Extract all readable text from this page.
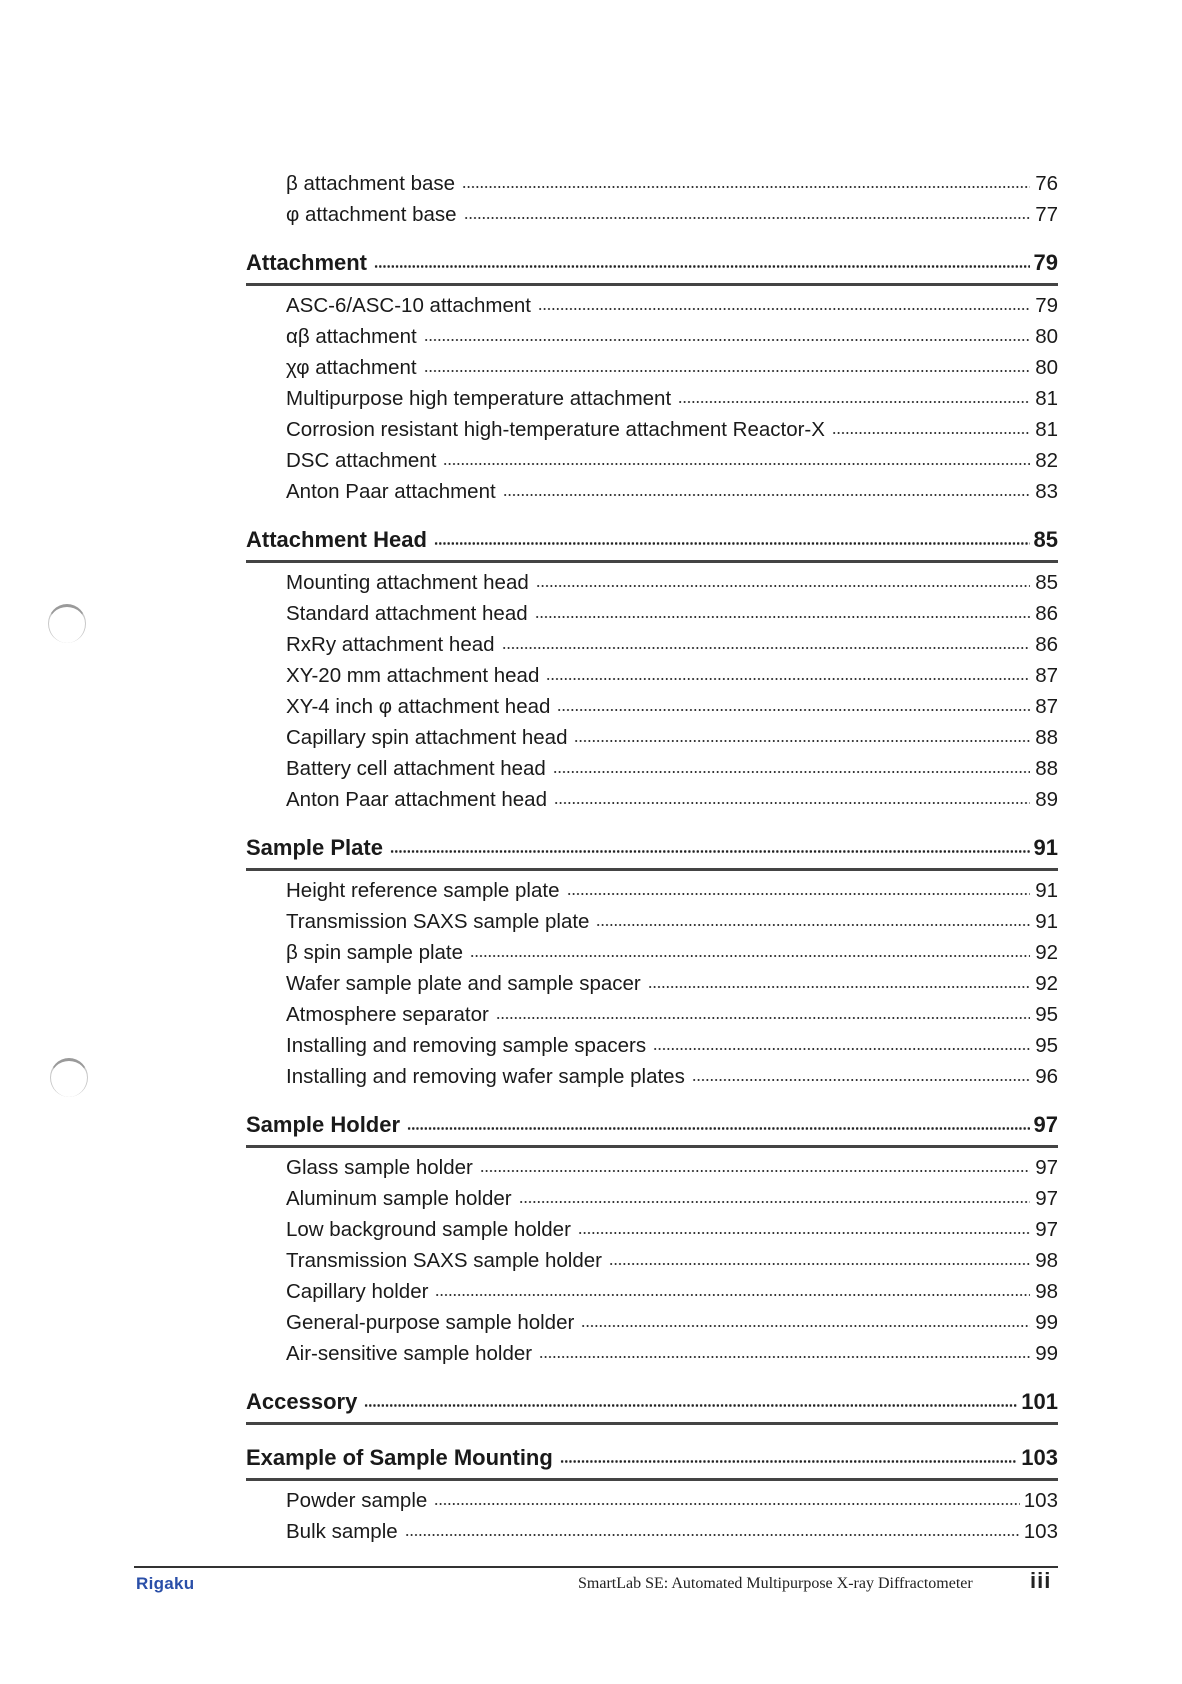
β attachment base	76
φ attachment base	77
Attachment	79
ASC-6/ASC-10 attachment	79
αβ attachment	80
χφ attachment	80
Multipurpose high temperature attachment	81
Corrosion resistant high-temperature attachment Reactor-X	81
DSC attachment	82
Anton Paar attachment	83
Attachment Head	85
Mounting attachment head	85
Standard attachment head	86
RxRy attachment head	86
XY-20 mm attachment head	87
XY-4 inch φ attachment head	87
Capillary spin attachment head	88
Battery cell attachment head	88
Anton Paar attachment head	89
Sample Plate	91
Height reference sample plate	91
Transmission SAXS sample plate	91
β spin sample plate	92
Wafer sample plate and sample spacer	92
Atmosphere separator	95
Installing and removing sample spacers	95
Installing and removing wafer sample plates	96
Sample Holder	97
Glass sample holder	97
Aluminum sample holder	97
Low background sample holder	97
Transmission SAXS sample holder	98
Capillary holder	98
General-purpose sample holder	99
Air-sensitive sample holder	99
Accessory	101
Example of Sample Mounting	103
Powder sample	103
Bulk sample	103
Rigaku	SmartLab SE: Automated Multipurpose X-ray Diffractometer	iii
